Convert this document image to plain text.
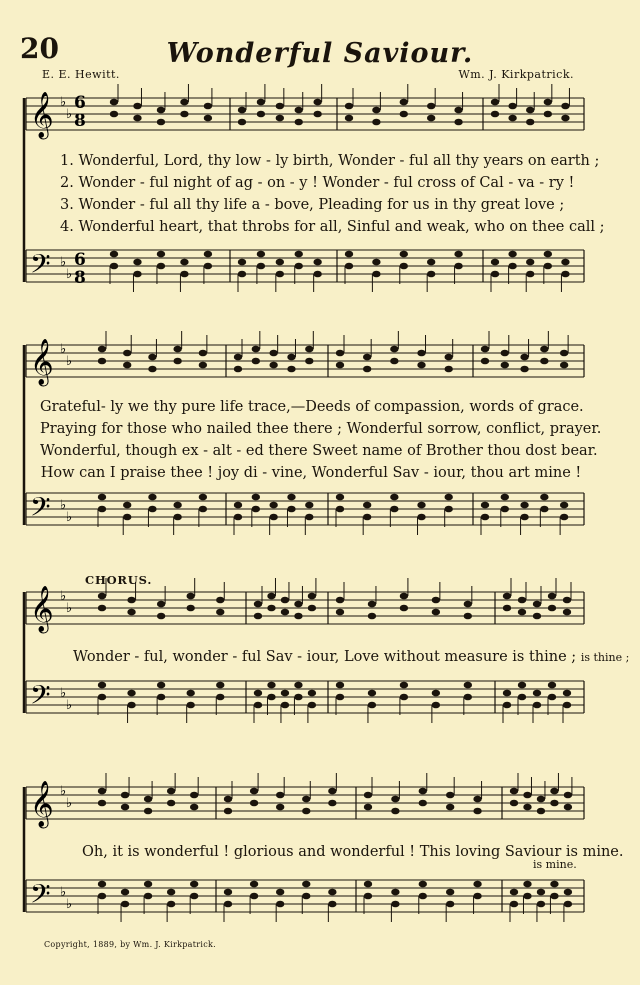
20	Wonderful Saviour.
E. E. Hewitt.	Wm. J. Kirkpatrick.
𝄞
𝄢
♭
♭
♭
♭
𝄞
𝄢
♭
♭
♭
♭
𝄞
𝄢
♭
♭
♭
♭
𝄞
𝄢
♭
♭
♭
♭
6
8
6
8
1. Wonderful, Lord, thy low - ly birth, Wonder - ful all thy years on earth ;
2. Wonder - ful night of ag - on - y ! Wonder - ful cross of Cal - va - ry !
3. Wonder - ful all thy life a - bove, Pleading for us in thy great love ;
4. Wonderful heart, that throbs for all, Sinful and weak, who on thee call ;
Grateful- ly we thy pure life trace,—Deeds of compassion, words of grace.
Praying for those who nailed thee there ; Wonderful sorrow, conflict, prayer.
Wonderful, though ex - alt - ed there Sweet name of Brother thou dost bear.
How can I praise thee ! joy di - vine, Wonderful Sav - iour, thou art mine !
CHORUS.
Wonder - ful, wonder - ful Sav - iour, Love without measure is thine ; is thine ;
Oh, it is wonderful ! glorious and wonderful ! This loving Saviour is mine.
is mine.
Copyright, 1889, by Wm. J. Kirkpatrick.
